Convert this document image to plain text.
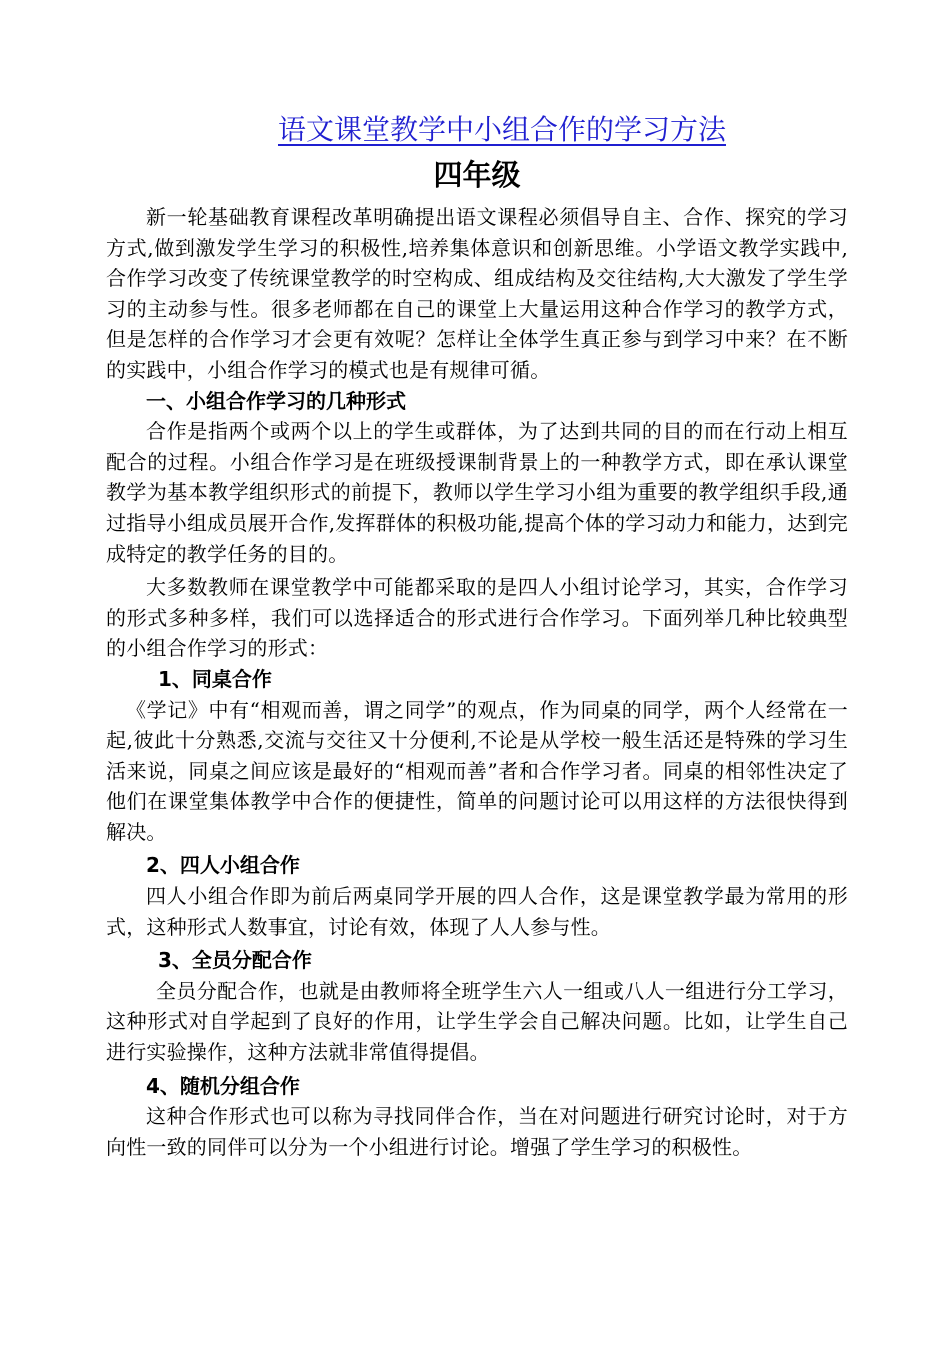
语文课堂教学中小组合作的学习方法
四年级

新一轮基础教育课程改革明确提出语文课程必须倡导自主、合作、探究的学习方式,做到激发学生学习的积极性,培养集体意识和创新思维。小学语文教学实践中,合作学习改变了传统课堂教学的时空构成、组成结构及交往结构,大大激发了学生学习的主动参与性。很多老师都在自己的课堂上大量运用这种合作学习的教学方式，但是怎样的合作学习才会更有效呢？怎样让全体学生真正参与到学习中来？在不断的实践中，小组合作学习的模式也是有规律可循。

一、小组合作学习的几种形式

合作是指两个或两个以上的学生或群体，为了达到共同的目的而在行动上相互配合的过程。小组合作学习是在班级授课制背景上的一种教学方式，即在承认课堂教学为基本教学组织形式的前提下，教师以学生学习小组为重要的教学组织手段,通过指导小组成员展开合作,发挥群体的积极功能,提高个体的学习动力和能力，达到完成特定的教学任务的目的。

大多数教师在课堂教学中可能都采取的是四人小组讨论学习，其实，合作学习的形式多种多样，我们可以选择适合的形式进行合作学习。下面列举几种比较典型的小组合作学习的形式：

1、同桌合作

《学记》中有“相观而善，谓之同学”的观点，作为同桌的同学，两个人经常在一起,彼此十分熟悉,交流与交往又十分便利,不论是从学校一般生活还是特殊的学习生活来说，同桌之间应该是最好的“相观而善”者和合作学习者。同桌的相邻性决定了他们在课堂集体教学中合作的便捷性，简单的问题讨论可以用这样的方法很快得到解决。

2、四人小组合作

四人小组合作即为前后两桌同学开展的四人合作，这是课堂教学最为常用的形式，这种形式人数事宜，讨论有效，体现了人人参与性。

3、全员分配合作

全员分配合作，也就是由教师将全班学生六人一组或八人一组进行分工学习，这种形式对自学起到了良好的作用，让学生学会自己解决问题。比如，让学生自己进行实验操作，这种方法就非常值得提倡。

4、随机分组合作

这种合作形式也可以称为寻找同伴合作，当在对问题进行研究讨论时，对于方向性一致的同伴可以分为一个小组进行讨论。增强了学生学习的积极性。
